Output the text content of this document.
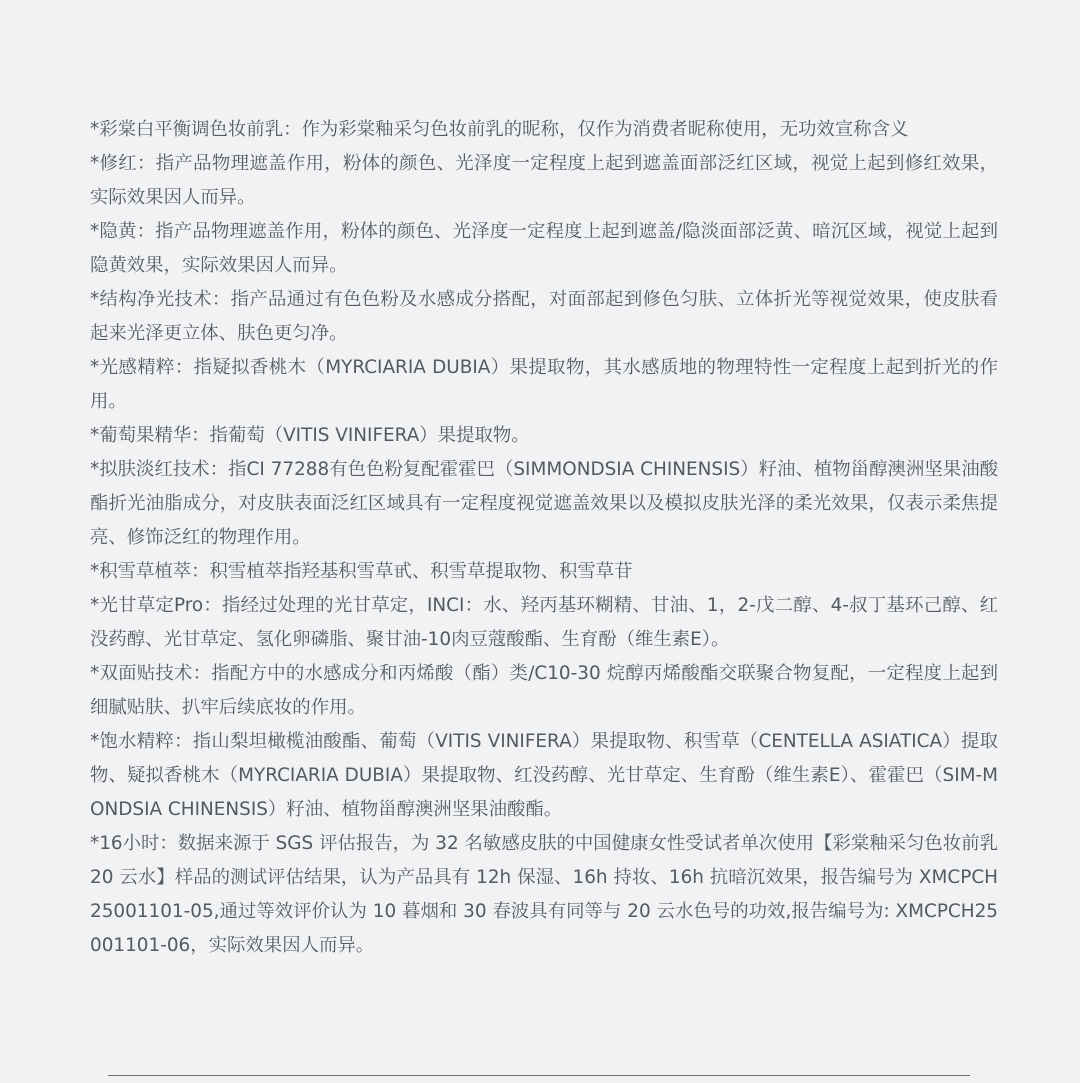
*彩棠白平衡调色妆前乳：作为彩棠釉采匀色妆前乳的昵称，仅作为消费者昵称使用，无功效宣称含义

*修红：指产品物理遮盖作用，粉体的颜色、光泽度一定程度上起到遮盖面部泛红区域，视觉上起到修红效果，实际效果因人而异。

*隐黄：指产品物理遮盖作用，粉体的颜色、光泽度一定程度上起到遮盖/隐淡面部泛黄、暗沉区域，视觉上起到隐黄效果，实际效果因人而异。

*结构净光技术：指产品通过有色色粉及水感成分搭配，对面部起到修色匀肤、立体折光等视觉效果，使皮肤看起来光泽更立体、肤色更匀净。

*光感精粹：指疑拟香桃木（MYRCIARIA DUBIA）果提取物，其水感质地的物理特性一定程度上起到折光的作用。

*葡萄果精华：指葡萄（VITIS VINIFERA）果提取物。

*拟肤淡红技术：指CI 77288有色色粉复配霍霍巴（SIMMONDSIA CHINENSIS）籽油、植物甾醇澳洲坚果油酸酯折光油脂成分，对皮肤表面泛红区域具有一定程度视觉遮盖效果以及模拟皮肤光泽的柔光效果，仅表示柔焦提亮、修饰泛红的物理作用。

*积雪草植萃：积雪植萃指羟基积雪草甙、积雪草提取物、积雪草苷

*光甘草定Pro：指经过处理的光甘草定，INCI：水、羟丙基环糊精、甘油、1，2-戊二醇、4-叔丁基环己醇、红没药醇、光甘草定、氢化卵磷脂、聚甘油-10肉豆蔻酸酯、生育酚（维生素E）。

*双面贴技术：指配方中的水感成分和丙烯酸（酯）类/C10-30 烷醇丙烯酸酯交联聚合物复配，一定程度上起到细腻贴肤、扒牢后续底妆的作用。

*饱水精粹：指山梨坦橄榄油酸酯、葡萄（VITIS VINIFERA）果提取物、积雪草（CENTELLA ASIATICA）提取物、疑拟香桃木（MYRCIARIA DUBIA）果提取物、红没药醇、光甘草定、生育酚（维生素E）、霍霍巴（SIM-MONDSIA CHINENSIS）籽油、植物甾醇澳洲坚果油酸酯。

*16小时：数据来源于 SGS 评估报告，为 32 名敏感皮肤的中国健康女性受试者单次使用【彩棠釉采匀色妆前乳20 云水】样品的测试评估结果，认为产品具有 12h 保湿、16h 持妆、16h 抗暗沉效果，报告编号为 XMCPCH25001101-05,通过等效评价认为 10 暮烟和 30 春波具有同等与 20 云水色号的功效,报告编号为: XMCPCH25001101-06，实际效果因人而异。
